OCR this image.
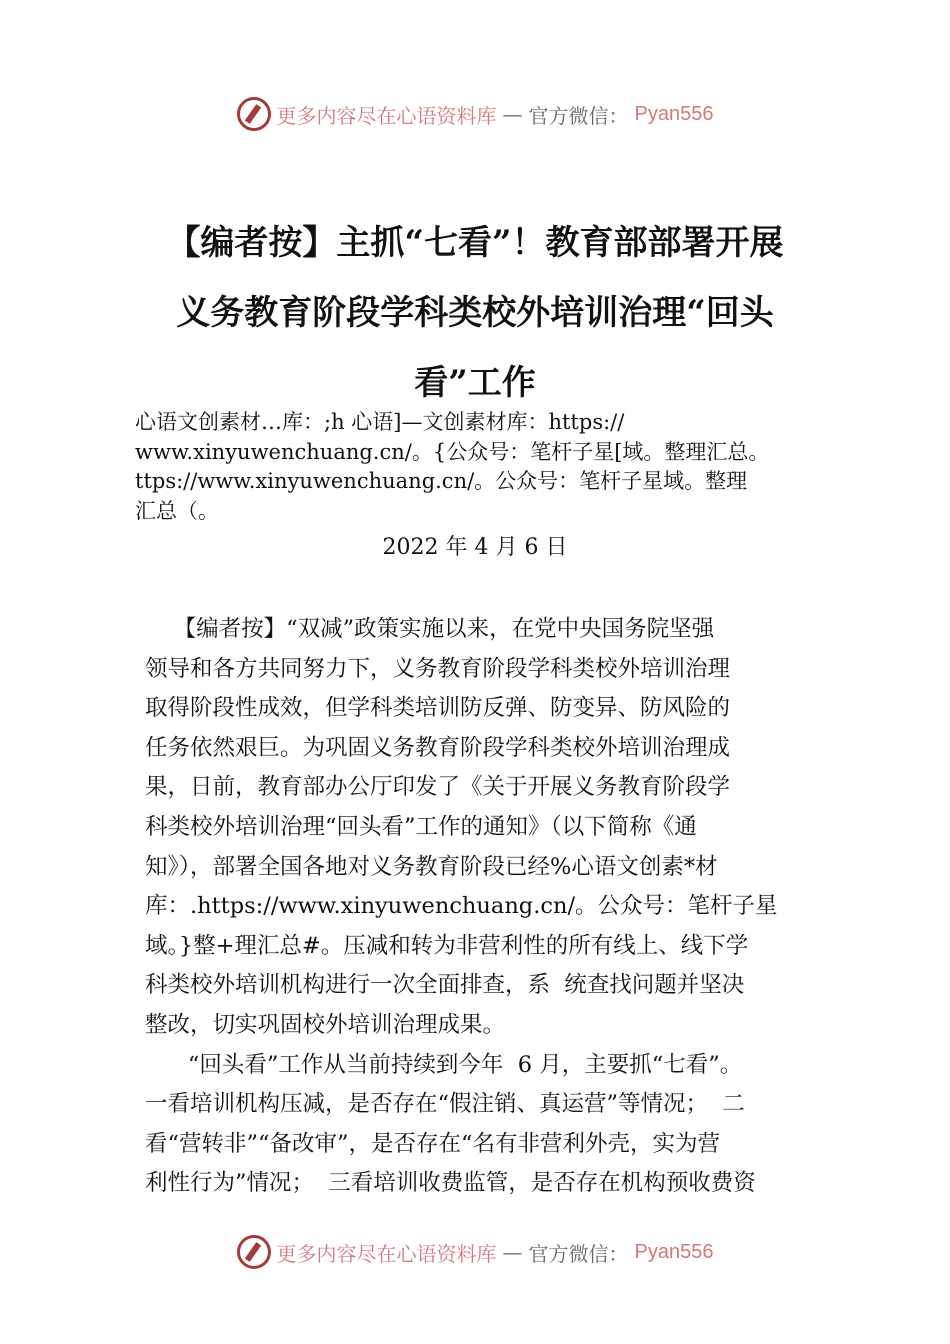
更多内容尽在心语资料库 — 官方微信： Pyan556
【编者按】主抓“七看”！教育部部署开展
义务教育阶段学科类校外培训治理“回头
看”工作
心语文创素材…库：;h 心语]—文创素材库：https://
www.xinyuwenchuang.cn/。{公众号：笔杆子星[域。整理汇总。
ttps://www.xinyuwenchuang.cn/。公众号：笔杆子星域。整理
汇总（。
2022 年 4 月 6 日
【编者按】“双减”政策实施以来，在党中央国务院坚强
领导和各方共同努力下，义务教育阶段学科类校外培训治理
取得阶段性成效，但学科类培训防反弹、防变异、防风险的
任务依然艰巨。为巩固义务教育阶段学科类校外培训治理成
果，日前，教育部办公厅印发了《关于开展义务教育阶段学
科类校外培训治理“回头看”工作的通知》（以下简称《通
知》），部署全国各地对义务教育阶段已经%心语文创素*材
库：.https://www.xinyuwenchuang.cn/。公众号：笔杆子星
域。}整+理汇总#。压减和转为非营利性的所有线上、线下学
科类校外培训机构进行一次全面排查，系  统查找问题并坚决
整改，切实巩固校外培训治理成果。
“回头看”工作从当前持续到今年  6 月，主要抓“七看”。
一看培训机构压减，是否存在“假注销、真运营”等情况；  二
看“营转非”“备改审”，是否存在“名有非营利外壳，实为营
利性行为”情况；  三看培训收费监管，是否存在机构预收费资
更多内容尽在心语资料库 — 官方微信： Pyan556
